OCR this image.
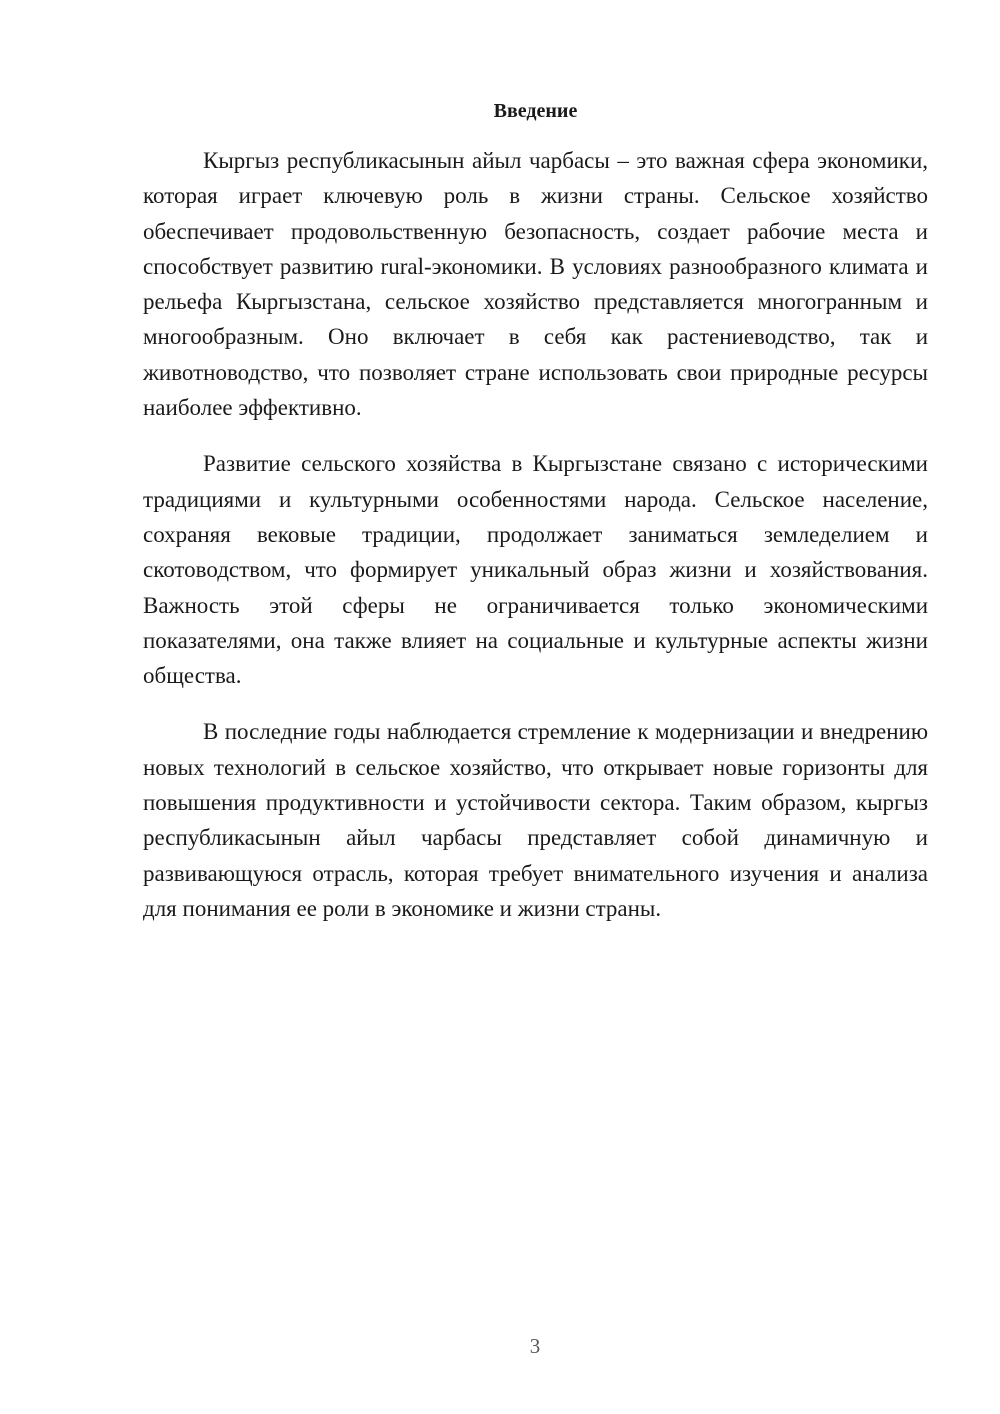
Введение

Кыргыз республикасынын айыл чарбасы – это важная сфера экономики, которая играет ключевую роль в жизни страны. Сельское хозяйство обеспечивает продовольственную безопасность, создает рабочие места и способствует развитию rural-экономики. В условиях разнообразного климата и рельефа Кыргызстана, сельское хозяйство представляется многогранным и многообразным. Оно включает в себя как растениеводство, так и животноводство, что позволяет стране использовать свои природные ресурсы наиболее эффективно.

Развитие сельского хозяйства в Кыргызстане связано с историческими традициями и культурными особенностями народа. Сельское население, сохраняя вековые традиции, продолжает заниматься земледелием и скотоводством, что формирует уникальный образ жизни и хозяйствования. Важность этой сферы не ограничивается только экономическими показателями, она также влияет на социальные и культурные аспекты жизни общества.

В последние годы наблюдается стремление к модернизации и внедрению новых технологий в сельское хозяйство, что открывает новые горизонты для повышения продуктивности и устойчивости сектора. Таким образом, кыргыз республикасынын айыл чарбасы представляет собой динамичную и развивающуюся отрасль, которая требует внимательного изучения и анализа для понимания ее роли в экономике и жизни страны.

3
